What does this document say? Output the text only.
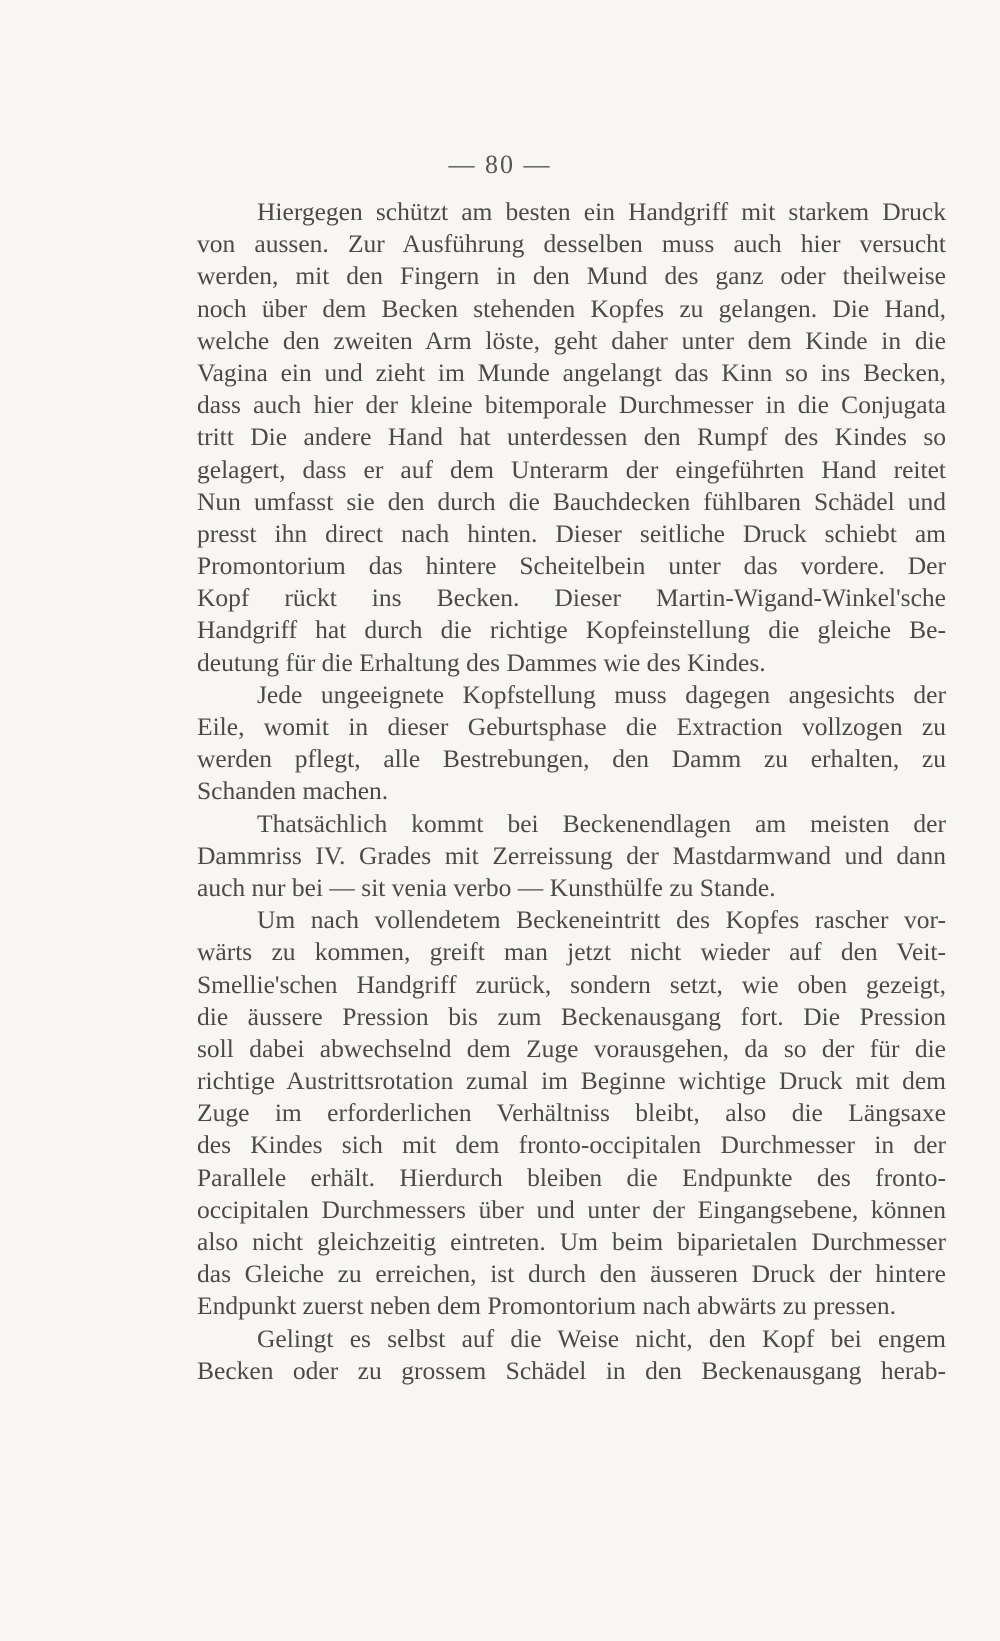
— 80 —
Hiergegen schützt am besten ein Handgriff mit starkem Druck
von aussen. Zur Ausführung desselben muss auch hier versucht
werden, mit den Fingern in den Mund des ganz oder theilweise
noch über dem Becken stehenden Kopfes zu gelangen. Die Hand,
welche den zweiten Arm löste, geht daher unter dem Kinde in die
Vagina ein und zieht im Munde angelangt das Kinn so ins Becken,
dass auch hier der kleine bitemporale Durchmesser in die Conjugata
tritt Die andere Hand hat unterdessen den Rumpf des Kindes so
gelagert, dass er auf dem Unterarm der eingeführten Hand reitet
Nun umfasst sie den durch die Bauchdecken fühlbaren Schädel und
presst ihn direct nach hinten. Dieser seitliche Druck schiebt am
Promontorium das hintere Scheitelbein unter das vordere. Der
Kopf rückt ins Becken. Dieser Martin-Wigand-Winkel'sche
Handgriff hat durch die richtige Kopfeinstellung die gleiche Be-
deutung für die Erhaltung des Dammes wie des Kindes.
Jede ungeeignete Kopfstellung muss dagegen angesichts der
Eile, womit in dieser Geburtsphase die Extraction vollzogen zu
werden pflegt, alle Bestrebungen, den Damm zu erhalten, zu
Schanden machen.
Thatsächlich kommt bei Beckenendlagen am meisten der
Dammriss IV. Grades mit Zerreissung der Mastdarmwand und dann
auch nur bei — sit venia verbo — Kunsthülfe zu Stande.
Um nach vollendetem Beckeneintritt des Kopfes rascher vor-
wärts zu kommen, greift man jetzt nicht wieder auf den Veit-
Smellie'schen Handgriff zurück, sondern setzt, wie oben gezeigt,
die äussere Pression bis zum Beckenausgang fort. Die Pression
soll dabei abwechselnd dem Zuge vorausgehen, da so der für die
richtige Austrittsrotation zumal im Beginne wichtige Druck mit dem
Zuge im erforderlichen Verhältniss bleibt, also die Längsaxe
des Kindes sich mit dem fronto-occipitalen Durchmesser in der
Parallele erhält. Hierdurch bleiben die Endpunkte des fronto-
occipitalen Durchmessers über und unter der Eingangsebene, können
also nicht gleichzeitig eintreten. Um beim biparietalen Durchmesser
das Gleiche zu erreichen, ist durch den äusseren Druck der hintere
Endpunkt zuerst neben dem Promontorium nach abwärts zu pressen.
Gelingt es selbst auf die Weise nicht, den Kopf bei engem
Becken oder zu grossem Schädel in den Beckenausgang herab-
